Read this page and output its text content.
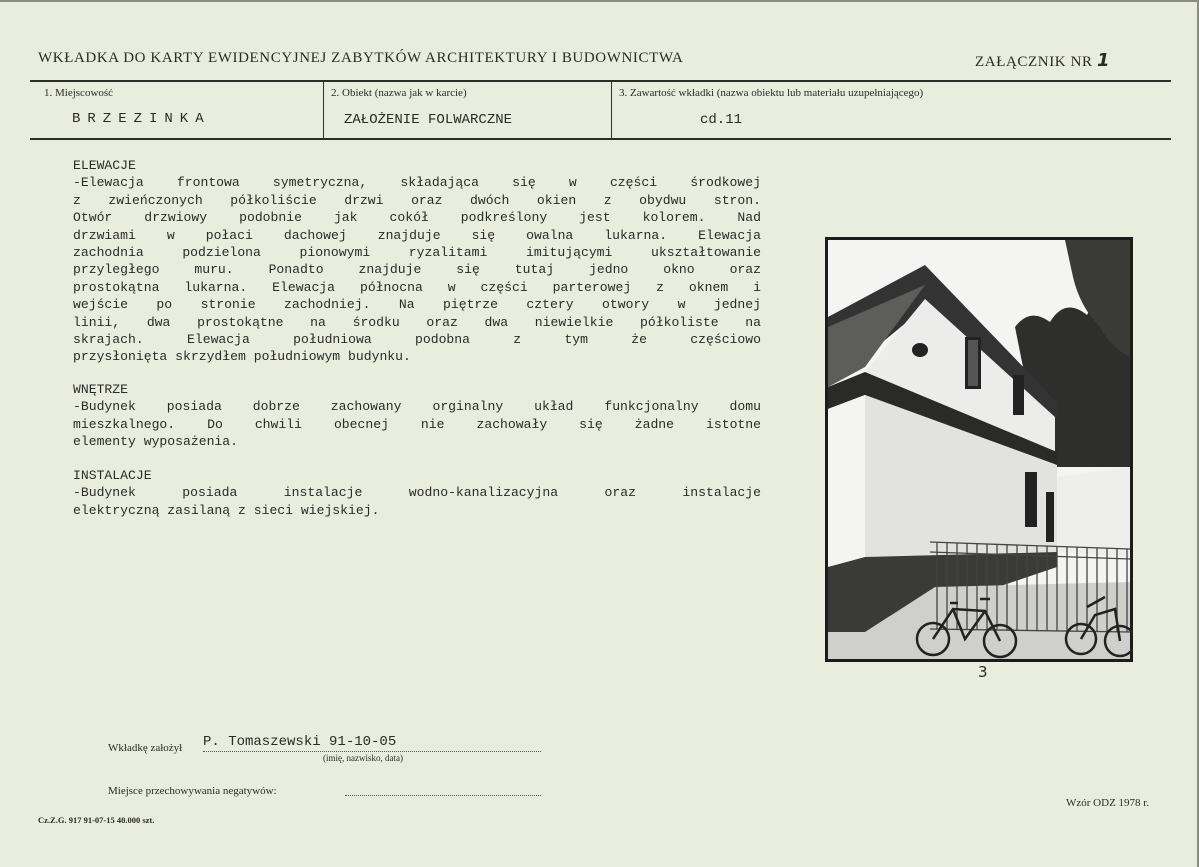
WKŁADKA DO KARTY EWIDENCYJNEJ ZABYTKÓW ARCHITEKTURY I BUDOWNICTWA	ZAŁĄCZNIK NR 1
1. Miejscowość
BRZEZINKA
2. Obiekt (nazwa jak w karcie)
ZAŁOŻENIE FOLWARCZNE
3. Zawartość wkładki (nazwa obiektu lub materiału uzupełniającego)
cd.11
ELEWACJE
-Elewacja frontowa symetryczna, składająca się w części środkowej
z zwieńczonych półkoliście drzwi oraz dwóch okien z obydwu stron.
Otwór drzwiowy podobnie jak cokół podkreślony jest kolorem. Nad
drzwiami w połaci dachowej znajduje się owalna lukarna. Elewacja
zachodnia podzielona pionowymi ryzalitami imitującymi ukształtowanie
przyległego muru. Ponadto znajduje się tutaj jedno okno oraz
prostokątna lukarna. Elewacja północna w części parterowej z oknem i
wejście po stronie zachodniej. Na piętrze cztery otwory w jednej
linii, dwa prostokątne na środku oraz dwa niewielkie półkoliste na
skrajach. Elewacja południowa podobna z tym że częściowo
przysłonięta skrzydłem południowym budynku.
WNĘTRZE
-Budynek posiada dobrze zachowany orginalny układ funkcjonalny domu
mieszkalnego. Do chwili obecnej nie zachowały się żadne istotne
elementy wyposażenia.
INSTALACJE
-Budynek posiada instalacje wodno-kanalizacyjna oraz instalacje
elektryczną zasilaną z sieci wiejskiej.
3
Wkładkę założył P. Tomaszewski 91-10-05
(imię, nazwisko, data)
Miejsce przechowywania negatywów:
Cz.Z.G. 917 91-07-15 40.000 szt.
Wzór ODZ 1978 r.
